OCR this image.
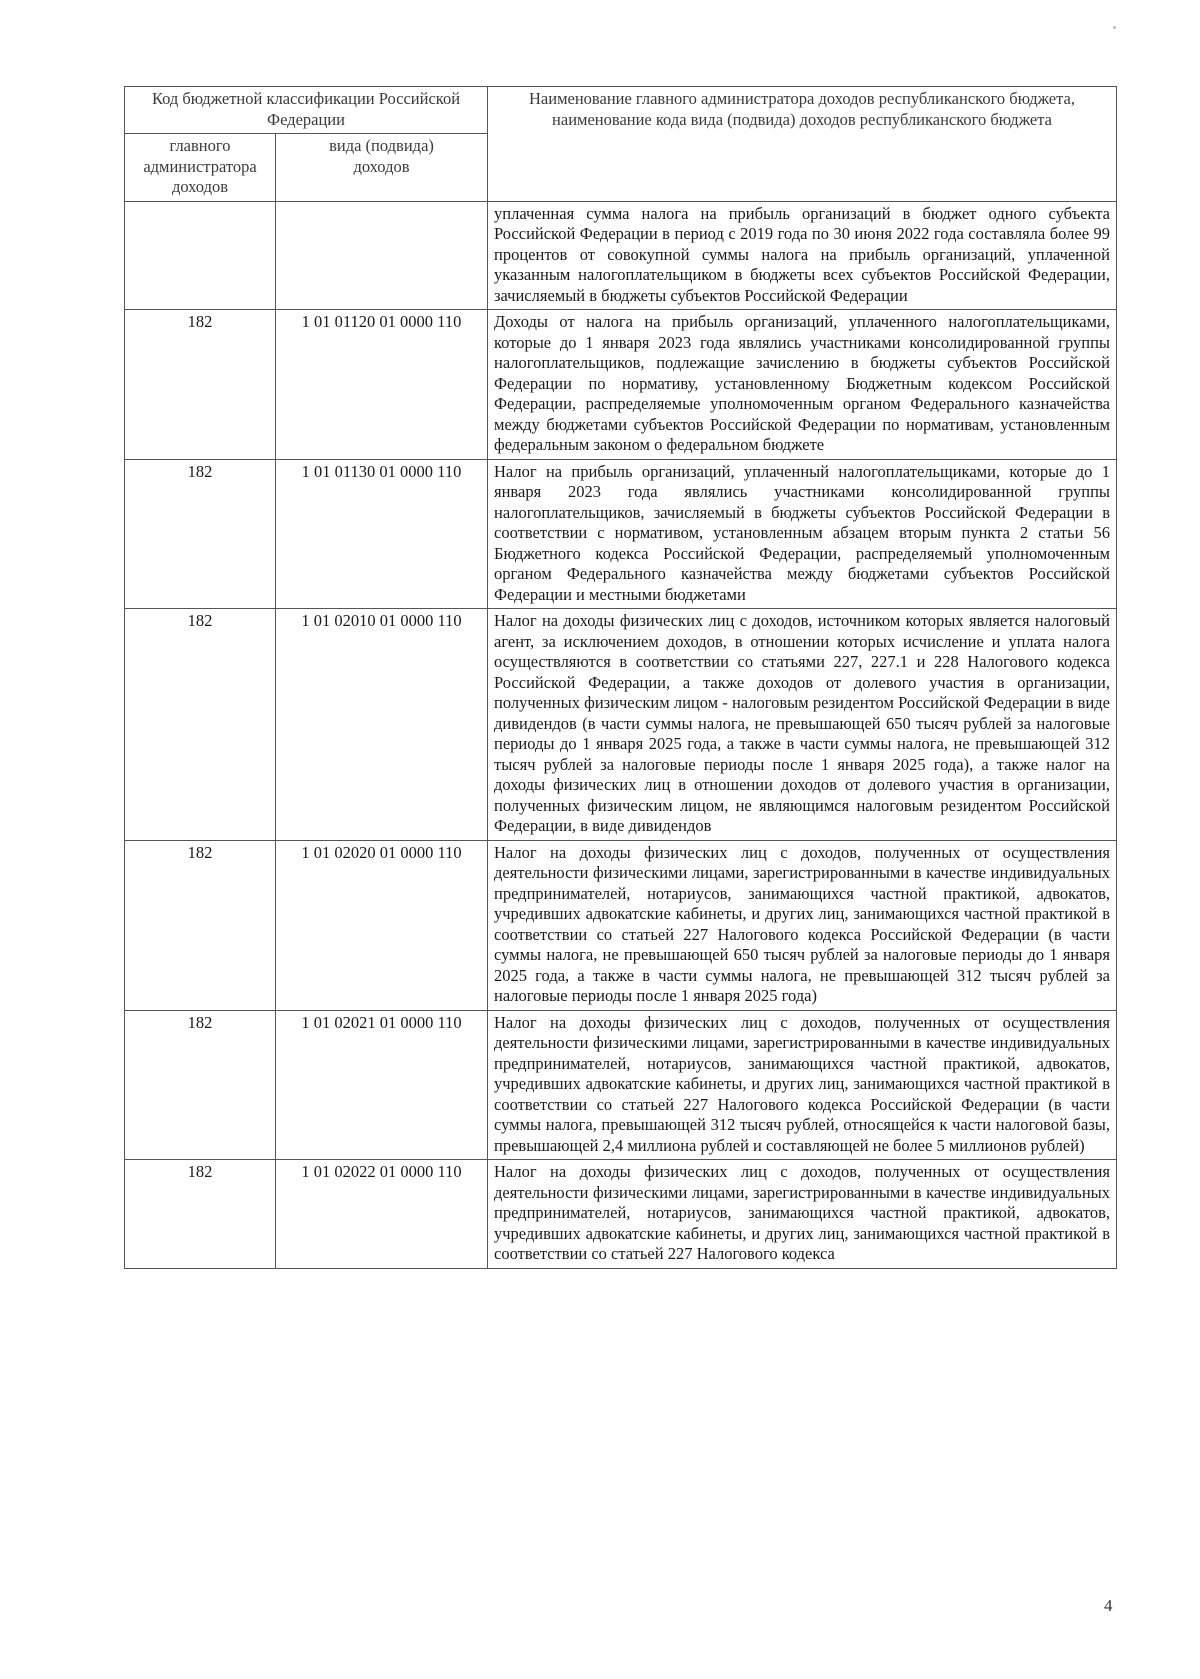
Код бюджетной классификации Российской Федерации		Наименование главного администратора доходов республиканского бюджета, наименование кода вида (подвида) доходов республиканского бюджета
главного администратора доходов	вида (подвида) доходов	
		уплаченная сумма налога на прибыль организаций в бюджет одного субъекта Российской Федерации в период с 2019 года по 30 июня 2022 года составляла более 99 процентов от совокупной суммы налога на прибыль организаций, уплаченной указанным налогоплательщиком в бюджеты всех субъектов Российской Федерации, зачисляемый в бюджеты субъектов Российской Федерации
182	1 01 01120 01 0000 110	Доходы от налога на прибыль организаций, уплаченного налогоплательщиками, которые до 1 января 2023 года являлись участниками консолидированной группы налогоплательщиков, подлежащие зачислению в бюджеты субъектов Российской Федерации по нормативу, установленному Бюджетным кодексом Российской Федерации, распределяемые уполномоченным органом Федерального казначейства между бюджетами субъектов Российской Федерации по нормативам, установленным федеральным законом о федеральном бюджете
182	1 01 01130 01 0000 110	Налог на прибыль организаций, уплаченный налогоплательщиками, которые до 1 января 2023 года являлись участниками консолидированной группы налогоплательщиков, зачисляемый в бюджеты субъектов Российской Федерации в соответствии с нормативом, установленным абзацем вторым пункта 2 статьи 56 Бюджетного кодекса Российской Федерации, распределяемый уполномоченным органом Федерального казначейства между бюджетами субъектов Российской Федерации и местными бюджетами
182	1 01 02010 01 0000 110	Налог на доходы физических лиц с доходов, источником которых является налоговый агент, за исключением доходов, в отношении которых исчисление и уплата налога осуществляются в соответствии со статьями 227, 227.1 и 228 Налогового кодекса Российской Федерации, а также доходов от долевого участия в организации, полученных физическим лицом - налоговым резидентом Российской Федерации в виде дивидендов (в части суммы налога, не превышающей 650 тысяч рублей за налоговые периоды до 1 января 2025 года, а также в части суммы налога, не превышающей 312 тысяч рублей за налоговые периоды после 1 января 2025 года), а также налог на доходы физических лиц в отношении доходов от долевого участия в организации, полученных физическим лицом, не являющимся налоговым резидентом Российской Федерации, в виде дивидендов
182	1 01 02020 01 0000 110	Налог на доходы физических лиц с доходов, полученных от осуществления деятельности физическими лицами, зарегистрированными в качестве индивидуальных предпринимателей, нотариусов, занимающихся частной практикой, адвокатов, учредивших адвокатские кабинеты, и других лиц, занимающихся частной практикой в соответствии со статьей 227 Налогового кодекса Российской Федерации (в части суммы налога, не превышающей 650 тысяч рублей за налоговые периоды до 1 января 2025 года, а также в части суммы налога, не превышающей 312 тысяч рублей за налоговые периоды после 1 января 2025 года)
182	1 01 02021 01 0000 110	Налог на доходы физических лиц с доходов, полученных от осуществления деятельности физическими лицами, зарегистрированными в качестве индивидуальных предпринимателей, нотариусов, занимающихся частной практикой, адвокатов, учредивших адвокатские кабинеты, и других лиц, занимающихся частной практикой в соответствии со статьей 227 Налогового кодекса Российской Федерации (в части суммы налога, превышающей 312 тысяч рублей, относящейся к части налоговой базы, превышающей 2,4 миллиона рублей и составляющей не более 5 миллионов рублей)
182	1 01 02022 01 0000 110	Налог на доходы физических лиц с доходов, полученных от осуществления деятельности физическими лицами, зарегистрированными в качестве индивидуальных предпринимателей, нотариусов, занимающихся частной практикой, адвокатов, учредивших адвокатские кабинеты, и других лиц, занимающихся частной практикой в соответствии со статьей 227 Налогового кодекса
4
